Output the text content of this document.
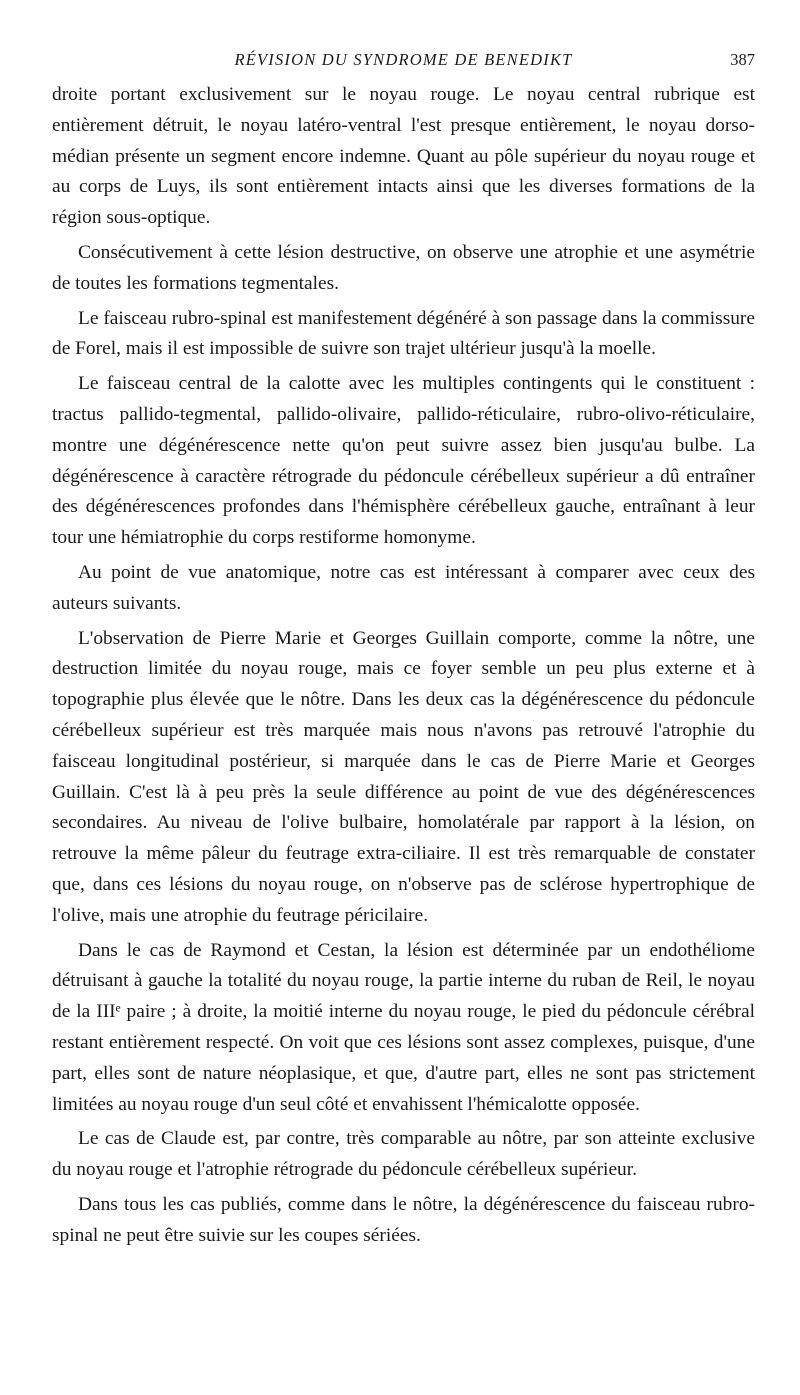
RÉVISION DU SYNDROME DE BENEDIKT	387

droite portant exclusivement sur le noyau rouge. Le noyau central rubrique est entièrement détruit, le noyau latéro-ventral l'est presque entièrement, le noyau dorso-médian présente un segment encore indemne. Quant au pôle supérieur du noyau rouge et au corps de Luys, ils sont entièrement intacts ainsi que les diverses formations de la région sous-optique.

Consécutivement à cette lésion destructive, on observe une atrophie et une asymétrie de toutes les formations tegmentales.

Le faisceau rubro-spinal est manifestement dégénéré à son passage dans la commissure de Forel, mais il est impossible de suivre son trajet ultérieur jusqu'à la moelle.

Le faisceau central de la calotte avec les multiples contingents qui le constituent : tractus pallido-tegmental, pallido-olivaire, pallido-réticulaire, rubro-olivo-réticulaire, montre une dégénérescence nette qu'on peut suivre assez bien jusqu'au bulbe. La dégénérescence à caractère rétrograde du pédoncule cérébelleux supérieur a dû entraîner des dégénérescences profondes dans l'hémisphère cérébelleux gauche, entraînant à leur tour une hémiatrophie du corps restiforme homonyme.

Au point de vue anatomique, notre cas est intéressant à comparer avec ceux des auteurs suivants.

L'observation de Pierre Marie et Georges Guillain comporte, comme la nôtre, une destruction limitée du noyau rouge, mais ce foyer semble un peu plus externe et à topographie plus élevée que le nôtre. Dans les deux cas la dégénérescence du pédoncule cérébelleux supérieur est très marquée mais nous n'avons pas retrouvé l'atrophie du faisceau longitudinal postérieur, si marquée dans le cas de Pierre Marie et Georges Guillain. C'est là à peu près la seule différence au point de vue des dégénérescences secondaires. Au niveau de l'olive bulbaire, homolatérale par rapport à la lésion, on retrouve la même pâleur du feutrage extra-ciliaire. Il est très remarquable de constater que, dans ces lésions du noyau rouge, on n'observe pas de sclérose hypertrophique de l'olive, mais une atrophie du feutrage péricilaire.

Dans le cas de Raymond et Cestan, la lésion est déterminée par un endothéliome détruisant à gauche la totalité du noyau rouge, la partie interne du ruban de Reil, le noyau de la IIIᵉ paire ; à droite, la moitié interne du noyau rouge, le pied du pédoncule cérébral restant entièrement respecté. On voit que ces lésions sont assez complexes, puisque, d'une part, elles sont de nature néoplasique, et que, d'autre part, elles ne sont pas strictement limitées au noyau rouge d'un seul côté et envahissent l'hémicalotte opposée.

Le cas de Claude est, par contre, très comparable au nôtre, par son atteinte exclusive du noyau rouge et l'atrophie rétrograde du pédoncule cérébelleux supérieur.

Dans tous les cas publiés, comme dans le nôtre, la dégénérescence du faisceau rubro-spinal ne peut être suivie sur les coupes sériées.
